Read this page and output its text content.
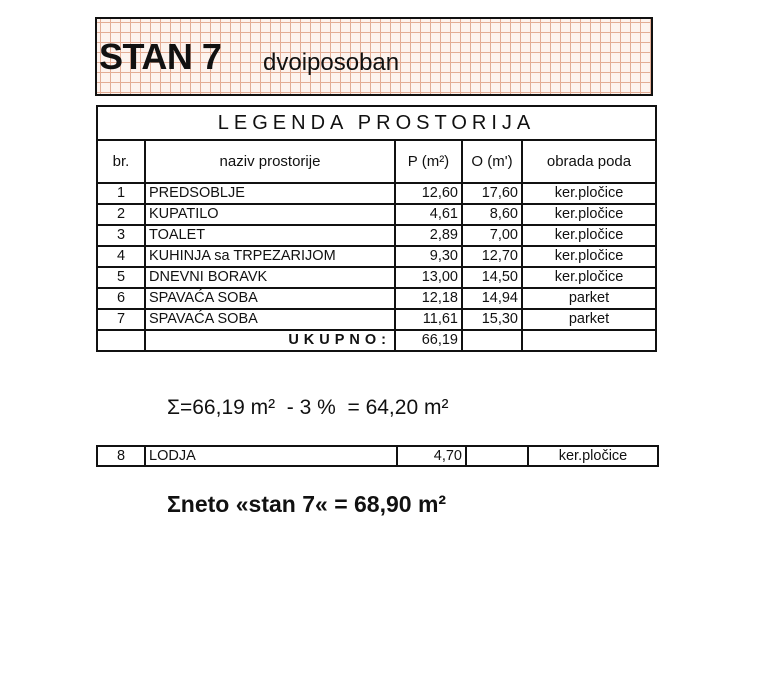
STAN 7 dvoiposoban
LEGENDA PROSTORIJA				
br.	naziv prostorije	P (m²)	O (m')	obrada poda
1	PREDSOBLJE	12,60	17,60	ker.pločice
2	KUPATILO	4,61	8,60	ker.pločice
3	TOALET	2,89	7,00	ker.pločice
4	KUHINJA sa TRPEZARIJOM	9,30	12,70	ker.pločice
5	DNEVNI BORAVK	13,00	14,50	ker.pločice
6	SPAVAĆA SOBA	12,18	14,94	parket
7	SPAVAĆA SOBA	11,61	15,30	parket
	UKUPNO:	66,19		
Σ=66,19 m²  - 3 %  = 64,20 m²
8	LODJA	4,70		ker.pločice
Σneto «stan 7« = 68,90 m²
